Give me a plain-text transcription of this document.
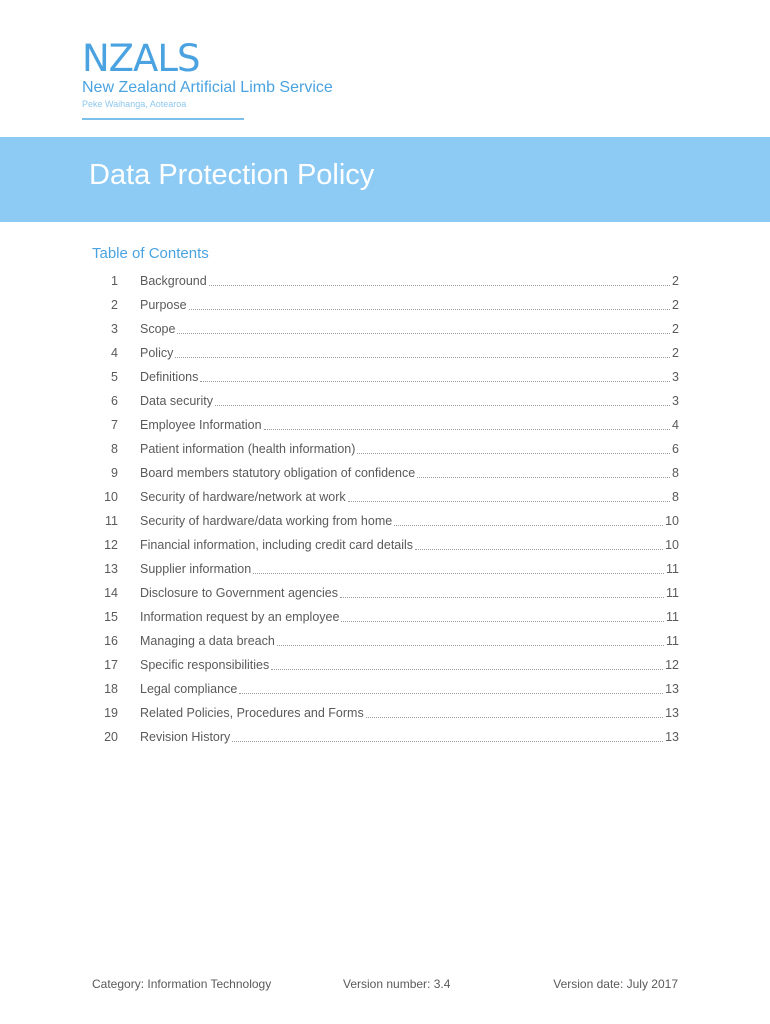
NZALS
New Zealand Artificial Limb Service
Peke Waihanga, Aotearoa
Data Protection Policy
Table of Contents
1 Background	2
2 Purpose	2
3 Scope	2
4 Policy	2
5 Definitions	3
6 Data security	3
7 Employee Information	4
8 Patient information (health information)	6
9 Board members statutory obligation of confidence	8
10 Security of hardware/network at work	8
11 Security of hardware/data working from home	10
12 Financial information, including credit card details	10
13 Supplier information	11
14 Disclosure to Government agencies	11
15 Information request by an employee	11
16 Managing a data breach	11
17 Specific responsibilities	12
18 Legal compliance	13
19 Related Policies, Procedures and Forms	13
20 Revision History	13
Category: Information Technology	Version number: 3.4	Version date: July 2017
